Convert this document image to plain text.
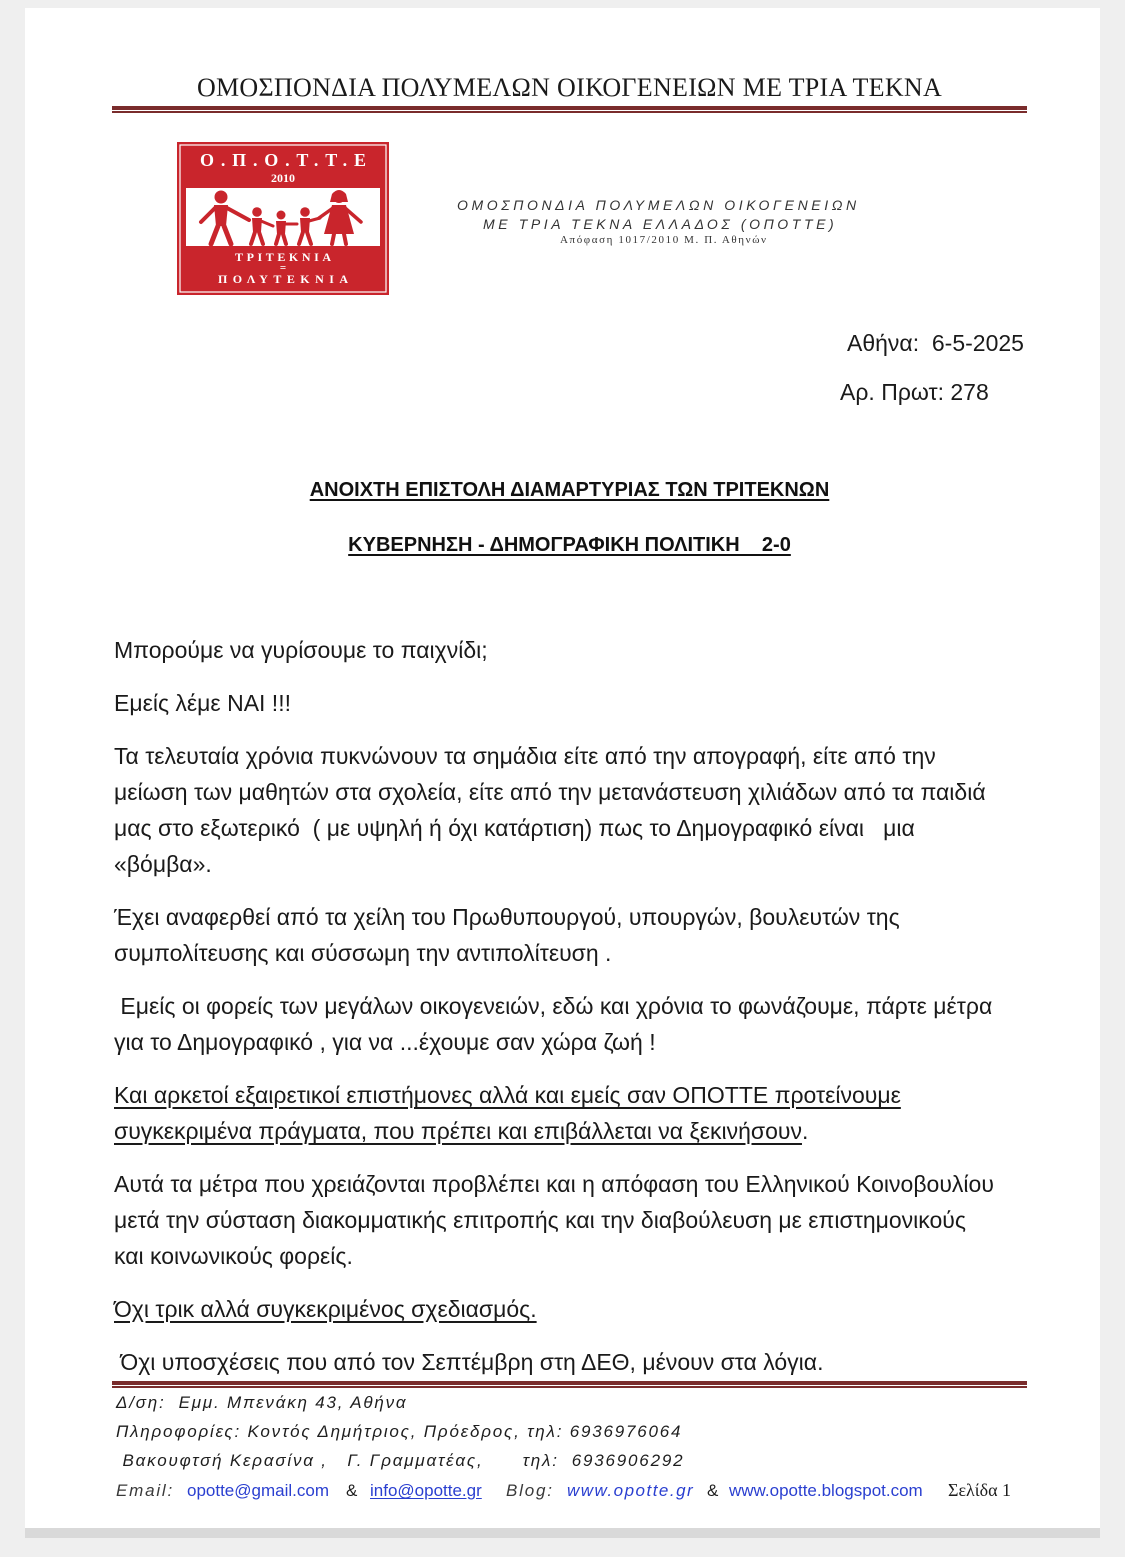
ΟΜΟΣΠΟΝΔΙΑ ΠΟΛΥΜΕΛΩΝ ΟΙΚΟΓΕΝΕΙΩΝ ΜΕ ΤΡΙΑ ΤΕΚΝΑ
Ο.Π.Ο.Τ.Τ.Ε
2010
ΤΡΙΤΕΚΝΙΑ
=
ΠΟΛΥΤΕΚΝΙΑ
ΟΜΟΣΠΟΝΔΙΑ ΠΟΛΥΜΕΛΩΝ ΟΙΚΟΓΕΝΕΙΩΝ
ΜΕ ΤΡΙΑ ΤΕΚΝΑ ΕΛΛΑΔΟΣ (ΟΠΟΤΤΕ)
Απόφαση 1017/2010 Μ. Π. Αθηνών
Αθήνα:  6-5-2025
Αρ. Πρωτ: 278
ΑΝΟΙΧΤΗ ΕΠΙΣΤΟΛΗ ΔΙΑΜΑΡΤΥΡΙΑΣ ΤΩΝ ΤΡΙΤΕΚΝΩΝ
ΚΥΒΕΡΝΗΣΗ - ΔΗΜΟΓΡΑΦΙΚΗ ΠΟΛΙΤΙΚΗ    2-0
Μπορούμε να γυρίσουμε το παιχνίδι;
Εμείς λέμε ΝΑΙ !!!
Τα τελευταία χρόνια πυκνώνουν τα σημάδια είτε από την απογραφή, είτε από την
μείωση των μαθητών στα σχολεία, είτε από την μετανάστευση χιλιάδων από τα παιδιά
μας στο εξωτερικό  ( με υψηλή ή όχι κατάρτιση) πως το Δημογραφικό είναι   μια
«βόμβα».
Έχει αναφερθεί από τα χείλη του Πρωθυπουργού, υπουργών, βουλευτών της
συμπολίτευσης και σύσσωμη την αντιπολίτευση .
Εμείς οι φορείς των μεγάλων οικογενειών, εδώ και χρόνια το φωνάζουμε, πάρτε μέτρα
για το Δημογραφικό , για να ...έχουμε σαν χώρα ζωή !
Και αρκετοί εξαιρετικοί επιστήμονες αλλά και εμείς σαν ΟΠΟΤΤΕ προτείνουμε
συγκεκριμένα πράγματα, που πρέπει και επιβάλλεται να ξεκινήσουν.
Αυτά τα μέτρα που χρειάζονται προβλέπει και η απόφαση του Ελληνικού Κοινοβουλίου
μετά την σύσταση διακομματικής επιτροπής και την διαβούλευση με επιστημονικούς
και κοινωνικούς φορείς.
Όχι τρικ αλλά συγκεκριμένος σχεδιασμός.
Όχι υποσχέσεις που από τον Σεπτέμβρη στη ΔΕΘ, μένουν στα λόγια.
Δ/ση:  Εμμ. Μπενάκη 43, Αθήνα
Πληροφορίες: Κοντός Δημήτριος, Πρόεδρος, τηλ: 6936976064
Βακουφτσή Κερασίνα ,   Γ. Γραμματέας,      τηλ:  6936906292
Email: opotte@gmail.com & info@opotte.gr Blog: www.opotte.gr & www.opotte.blogspot.com Σελίδα 1
